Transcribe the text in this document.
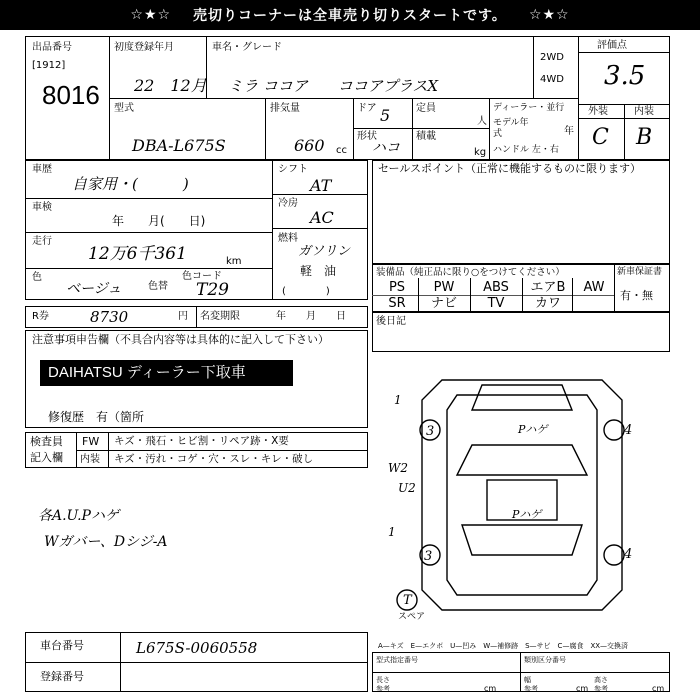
☆★☆ 売切りコーナーは全車売り切りスタートです。 ☆★☆
出品番号
[1912]
8016
初度登録年月
22　12月
車名・グレード
ミラ ココア　　ココアプラスX
2WD
4WD
評価点
3.5
型式
DBA-L675S
排気量
660 cc
ドア 5
形状
ハコ
定員
人
積載
kg
ディーラー・並行
モデル年式	年
ハンドル 左・右
外装	内装
C B
車歴
自家用・(　　　)
車検
年　　月(　　日)
走行
12万6千361	km
色
ベージュ	色替
色コード
T29
シフト
AT
冷房
AC
燃料
ガソリン
軽　油
(　　　　)
セールスポイント（正常に機能するものに限ります）
装備品（純正品に限り○をつけてください）	新車保証書
有・無
PS	PW	ABS	エアB	AW
SR	ナビ	TV	カワ
R券	8730	円 名変期限	年　　月　　日
注意事項申告欄（不具合内容等は具体的に記入して下さい）
DAIHATSU ディーラー下取車
修復歴　有（箇所
後日記
検査員
記入欄
FW キズ・飛石・ヒビ割・リペア跡・X要
内装 キズ・汚れ・コゲ・穴・スレ・キレ・破し
各A.U.Pハゲ
Wガバー、Dシジ-A
Pハゲ
Pハゲ
W2
U2
3	4
3	4
1
1
T
スペア
A—キズ　E—エクボ　U—凹み　W—補修跡　S—サビ　C—腐食　XX—交換済
車台番号	L675S-0060558
登録番号
型式指定番号	類別区分番号
長さ
参考	cm
幅
参考	cm
高さ
参考	cm
